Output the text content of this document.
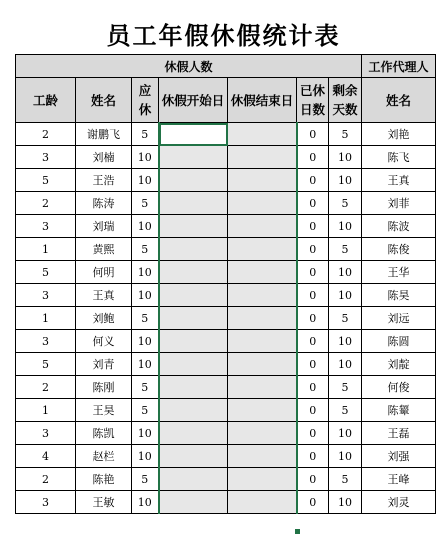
员工年假休假统计表
休假人数							工作代理人
工龄	姓名	应休	休假开始日	休假结束日	已休日数	剩余天数	姓名
2	谢鹏飞	5			0	5	刘艳
3	刘楠	10			0	10	陈飞
5	王浩	10			0	10	王真
2	陈涛	5			0	5	刘菲
3	刘瑞	10			0	10	陈波
1	黄熙	5			0	5	陈俊
5	何明	10			0	10	王华
3	王真	10			0	10	陈昊
1	刘鲍	5			0	5	刘远
3	何义	10			0	10	陈圆
5	刘青	10			0	10	刘靛
2	陈刚	5			0	5	何俊
1	王昊	5			0	5	陈颦
3	陈凯	10			0	10	王磊
4	赵栏	10			0	10	刘强
2	陈艳	5			0	5	王峰
3	王敏	10			0	10	刘灵
